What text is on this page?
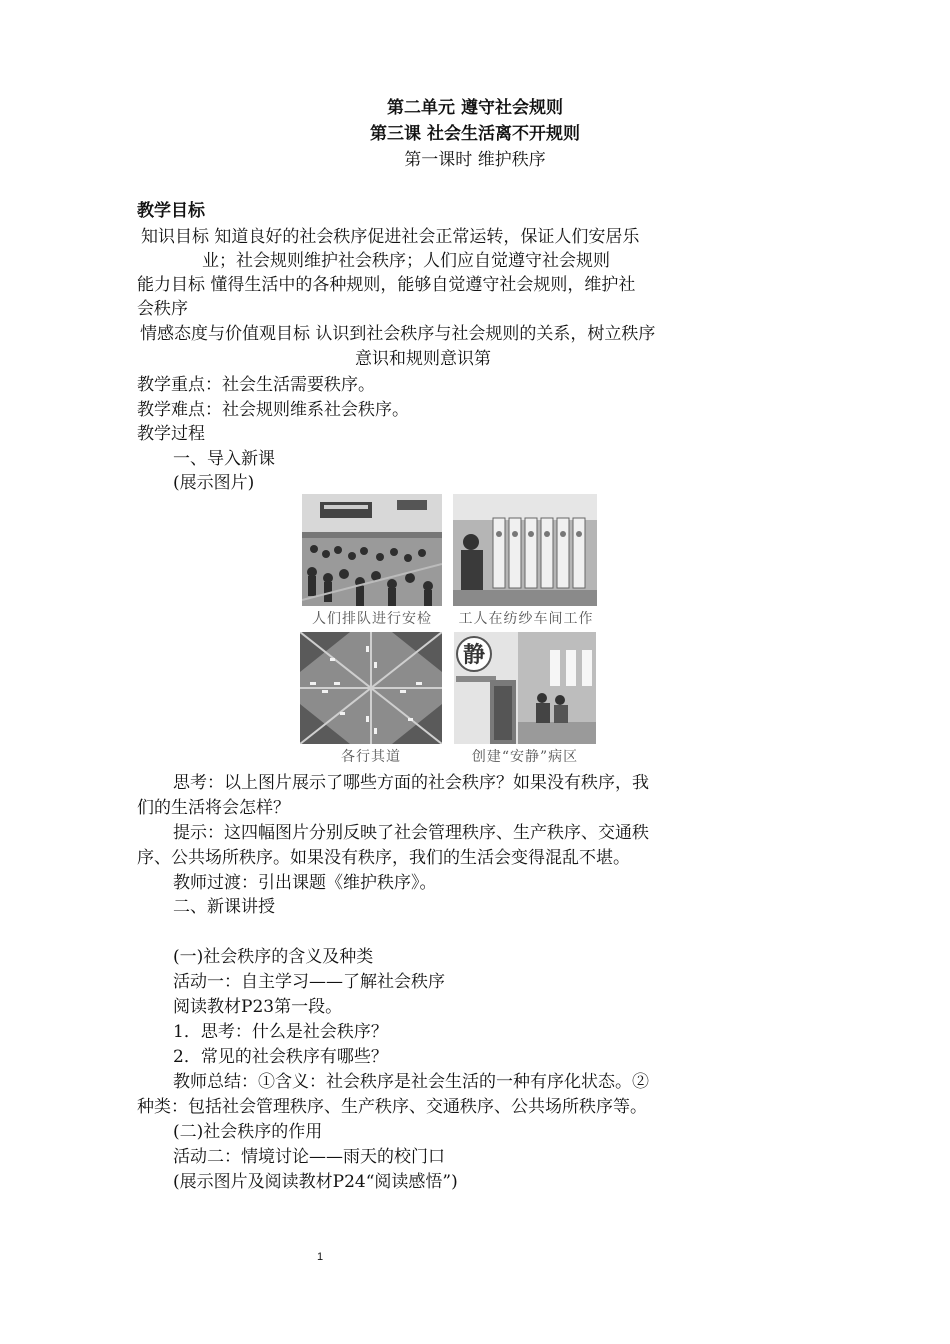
第二单元 遵守社会规则
第三课 社会生活离不开规则
第一课时 维护秩序
教学目标
知识目标 知道良好的社会秩序促进社会正常运转，保证人们安居乐
业；社会规则维护社会秩序；人们应自觉遵守社会规则
能力目标 懂得生活中的各种规则，能够自觉遵守社会规则，维护社
会秩序
情感态度与价值观目标 认识到社会秩序与社会规则的关系，树立秩序
意识和规则意识第
教学重点：社会生活需要秩序。
教学难点：社会规则维系社会秩序。
教学过程
一、导入新课
(展示图片)
人们排队进行安检	工人在纺纱车间工作
静
各行其道	创建“安静”病区
思考：以上图片展示了哪些方面的社会秩序？如果没有秩序，我
们的生活将会怎样？
提示：这四幅图片分别反映了社会管理秩序、生产秩序、交通秩
序、公共场所秩序。如果没有秩序，我们的生活会变得混乱不堪。
教师过渡：引出课题《维护秩序》。
二、新课讲授
(一)社会秩序的含义及种类
活动一：自主学习——了解社会秩序
阅读教材P23第一段。
1．思考：什么是社会秩序？
2．常见的社会秩序有哪些？
教师总结：①含义：社会秩序是社会生活的一种有序化状态。②
种类：包括社会管理秩序、生产秩序、交通秩序、公共场所秩序等。
(二)社会秩序的作用
活动二：情境讨论——雨天的校门口
(展示图片及阅读教材P24“阅读感悟”)
1
